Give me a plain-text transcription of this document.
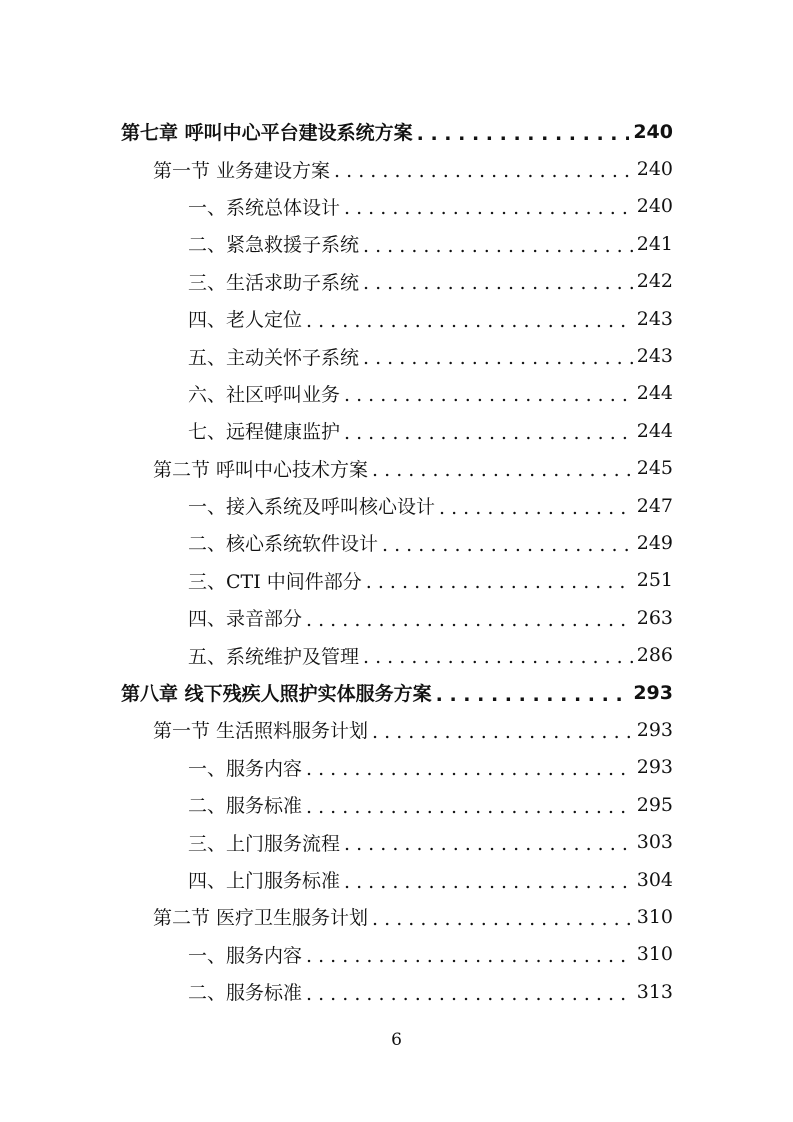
第七章 呼叫中心平台建设系统方案 . . .	240
第一节 业务建设方案 . . .	240
一、系统总体设计 . . .	240
二、紧急救援子系统 . . .	241
三、生活求助子系统 . . .	242
四、老人定位 . . .	243
五、主动关怀子系统 . . .	243
六、社区呼叫业务 . . .	244
七、远程健康监护 . . .	244
第二节 呼叫中心技术方案 . . .	245
一、接入系统及呼叫核心设计 . . .	247
二、核心系统软件设计 . . .	249
三、CTI 中间件部分 . . .	251
四、录音部分 . . .	263
五、系统维护及管理 . . .	286
第八章 线下残疾人照护实体服务方案 . . .	293
第一节 生活照料服务计划 . . .	293
一、服务内容 . . .	293
二、服务标准 . . .	295
三、上门服务流程 . . .	303
四、上门服务标准 . . .	304
第二节 医疗卫生服务计划 . . .	310
一、服务内容 . . .	310
二、服务标准 . . .	313
6
